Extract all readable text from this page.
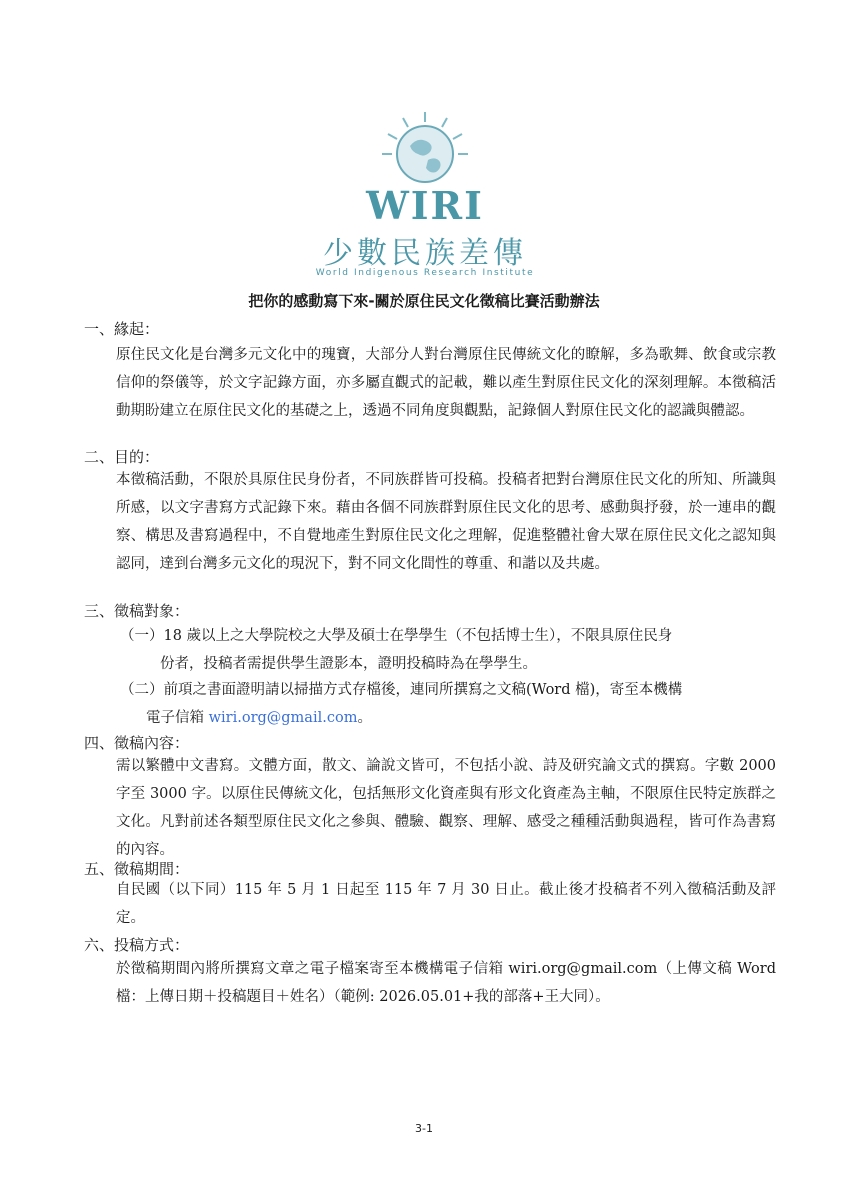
WIRI
少數民族差傳
World Indigenous Research Institute
把你的感動寫下來-關於原住民文化徵稿比賽活動辦法
一、緣起：
原住民文化是台灣多元文化中的瑰寶，大部分人對台灣原住民傳統文化的瞭解，多為歌舞、飲食或宗教信仰的祭儀等，於文字記錄方面，亦多屬直觀式的記載，難以產生對原住民文化的深刻理解。本徵稿活動期盼建立在原住民文化的基礎之上，透過不同角度與觀點，記錄個人對原住民文化的認識與體認。
二、目的：
本徵稿活動，不限於具原住民身份者，不同族群皆可投稿。投稿者把對台灣原住民文化的所知、所識與所感，以文字書寫方式記錄下來。藉由各個不同族群對原住民文化的思考、感動與抒發，於一連串的觀察、構思及書寫過程中，不自覺地產生對原住民文化之理解，促進整體社會大眾在原住民文化之認知與認同，達到台灣多元文化的現況下，對不同文化間性的尊重、和諧以及共處。
三、徵稿對象：
（一）18 歲以上之大學院校之大學及碩士在學學生（不包括博士生），不限具原住民身
份者，投稿者需提供學生證影本，證明投稿時為在學學生。
（二）前項之書面證明請以掃描方式存檔後，連同所撰寫之文稿(Word 檔)，寄至本機構
電子信箱 wiri.org@gmail.com。
四、徵稿內容：
需以繁體中文書寫。文體方面，散文、論說文皆可，不包括小說、詩及研究論文式的撰寫。字數 2000 字至 3000 字。以原住民傳統文化，包括無形文化資產與有形文化資產為主軸，不限原住民特定族群之文化。凡對前述各類型原住民文化之參與、體驗、觀察、理解、感受之種種活動與過程，皆可作為書寫的內容。
五、徵稿期間：
自民國（以下同）115 年 5 月 1 日起至 115 年 7 月 30 日止。截止後才投稿者不列入徵稿活動及評定。
六、投稿方式：
於徵稿期間內將所撰寫文章之電子檔案寄至本機構電子信箱 wiri.org@gmail.com（上傳文稿 Word 檔：上傳日期＋投稿題目＋姓名）（範例: 2026.05.01+我的部落+王大同）。
3-1
